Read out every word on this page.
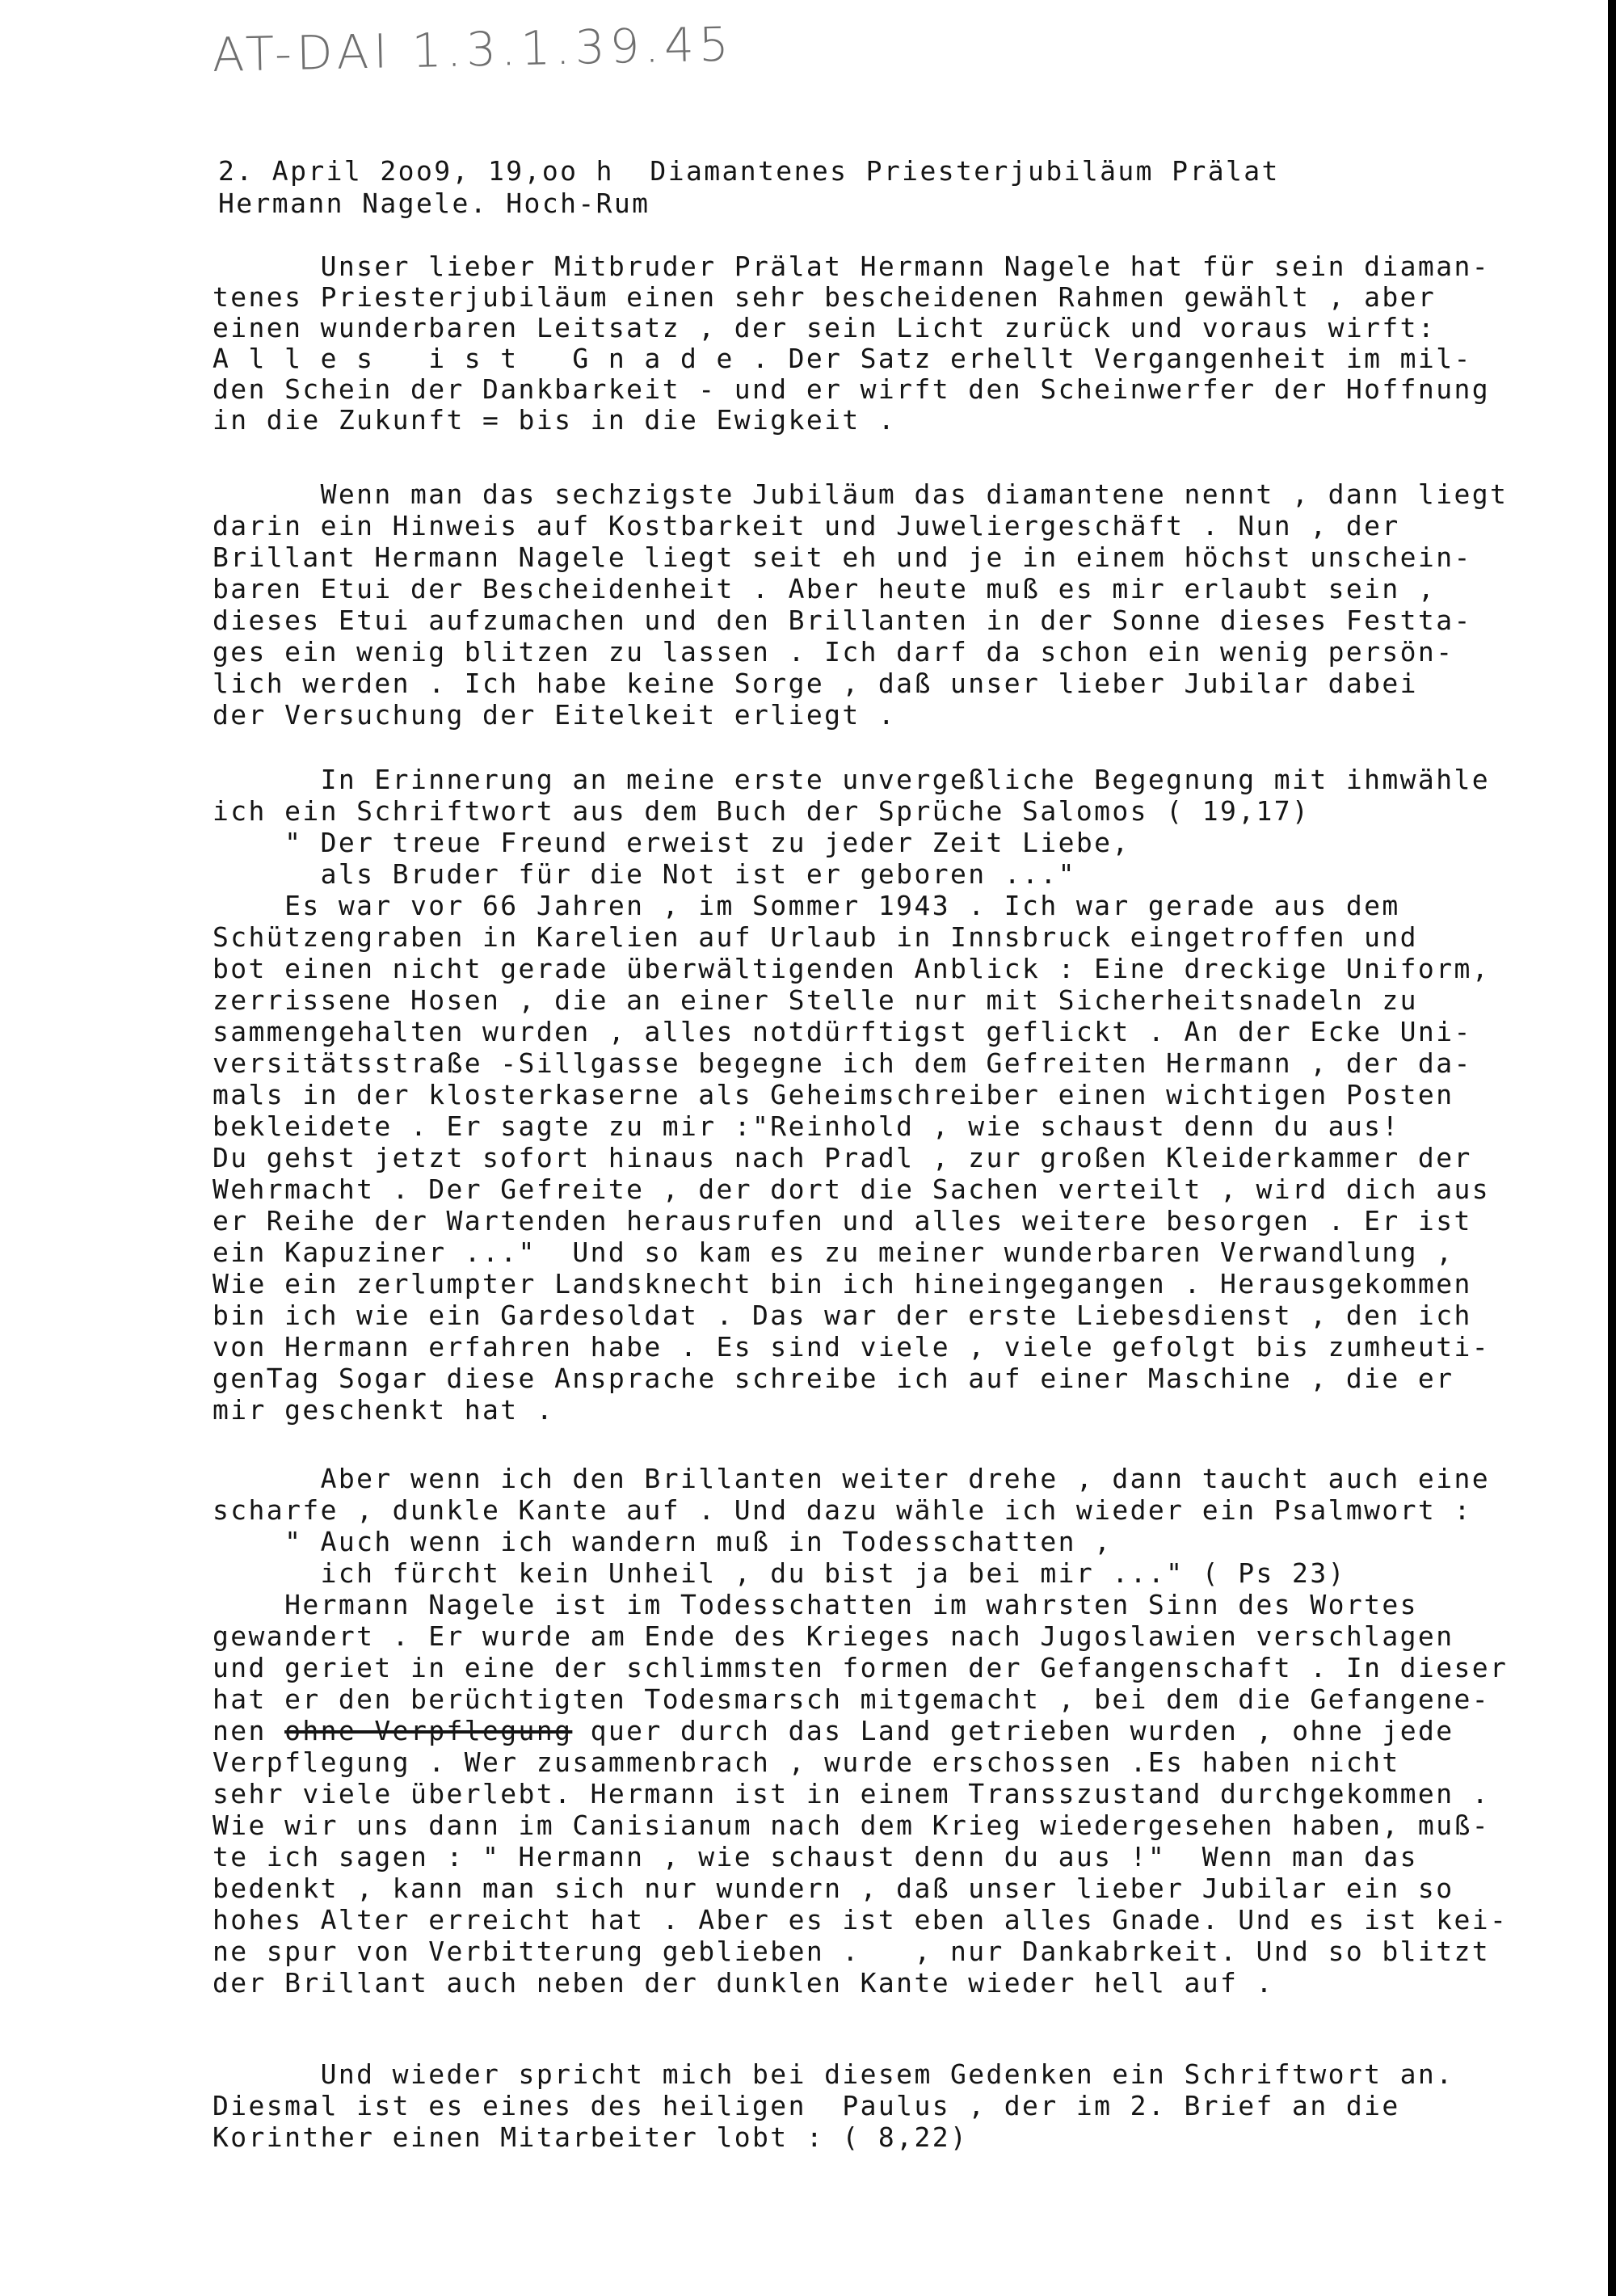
AT-DAI 1.3.1.39.45
2. April 2oo9, 19,oo h  Diamantenes Priesterjubiläum Prälat
Hermann Nagele. Hoch-Rum
Unser lieber Mitbruder Prälat Hermann Nagele hat für sein diaman-
tenes Priesterjubiläum einen sehr bescheidenen Rahmen gewählt , aber
einen wunderbaren Leitsatz , der sein Licht zurück und voraus wirft:
A l l e s   i s t   G n a d e . Der Satz erhellt Vergangenheit im mil-
den Schein der Dankbarkeit - und er wirft den Scheinwerfer der Hoffnung
in die Zukunft = bis in die Ewigkeit .
Wenn man das sechzigste Jubiläum das diamantene nennt , dann liegt
darin ein Hinweis auf Kostbarkeit und Juweliergeschäft . Nun , der
Brillant Hermann Nagele liegt seit eh und je in einem höchst unschein-
baren Etui der Bescheidenheit . Aber heute muß es mir erlaubt sein ,
dieses Etui aufzumachen und den Brillanten in der Sonne dieses Festta-
ges ein wenig blitzen zu lassen . Ich darf da schon ein wenig persön-
lich werden . Ich habe keine Sorge , daß unser lieber Jubilar dabei
der Versuchung der Eitelkeit erliegt .
In Erinnerung an meine erste unvergeßliche Begegnung mit ihmwähle
ich ein Schriftwort aus dem Buch der Sprüche Salomos ( 19,17)
" Der treue Freund erweist zu jeder Zeit Liebe,
als Bruder für die Not ist er geboren ..."
Es war vor 66 Jahren , im Sommer 1943 . Ich war gerade aus dem
Schützengraben in Karelien auf Urlaub in Innsbruck eingetroffen und
bot einen nicht gerade überwältigenden Anblick : Eine dreckige Uniform,
zerrissene Hosen , die an einer Stelle nur mit Sicherheitsnadeln zu
sammengehalten wurden , alles notdürftigst geflickt . An der Ecke Uni-
versitätsstraße -Sillgasse begegne ich dem Gefreiten Hermann , der da-
mals in der klosterkaserne als Geheimschreiber einen wichtigen Posten
bekleidete . Er sagte zu mir :"Reinhold , wie schaust denn du aus!
Du gehst jetzt sofort hinaus nach Pradl , zur großen Kleiderkammer der
Wehrmacht . Der Gefreite , der dort die Sachen verteilt , wird dich aus
er Reihe der Wartenden herausrufen und alles weitere besorgen . Er ist
ein Kapuziner ..."  Und so kam es zu meiner wunderbaren Verwandlung ,
Wie ein zerlumpter Landsknecht bin ich hineingegangen . Herausgekommen
bin ich wie ein Gardesoldat . Das war der erste Liebesdienst , den ich
von Hermann erfahren habe . Es sind viele , viele gefolgt bis zumheuti-
genTag Sogar diese Ansprache schreibe ich auf einer Maschine , die er
mir geschenkt hat .
Aber wenn ich den Brillanten weiter drehe , dann taucht auch eine
scharfe , dunkle Kante auf . Und dazu wähle ich wieder ein Psalmwort :
" Auch wenn ich wandern muß in Todesschatten ,
ich fürcht kein Unheil , du bist ja bei mir ..." ( Ps 23)
Hermann Nagele ist im Todesschatten im wahrsten Sinn des Wortes
gewandert . Er wurde am Ende des Krieges nach Jugoslawien verschlagen
und geriet in eine der schlimmsten formen der Gefangenschaft . In dieser
hat er den berüchtigten Todesmarsch mitgemacht , bei dem die Gefangene-
nen ohne Verpflegung quer durch das Land getrieben wurden , ohne jede
Verpflegung . Wer zusammenbrach , wurde erschossen .Es haben nicht
sehr viele überlebt. Hermann ist in einem Transszustand durchgekommen .
Wie wir uns dann im Canisianum nach dem Krieg wiedergesehen haben, muß-
te ich sagen : " Hermann , wie schaust denn du aus !"  Wenn man das
bedenkt , kann man sich nur wundern , daß unser lieber Jubilar ein so
hohes Alter erreicht hat . Aber es ist eben alles Gnade. Und es ist kei-
ne spur von Verbitterung geblieben .   , nur Dankabrkeit. Und so blitzt
der Brillant auch neben der dunklen Kante wieder hell auf .
Und wieder spricht mich bei diesem Gedenken ein Schriftwort an.
Diesmal ist es eines des heiligen  Paulus , der im 2. Brief an die
Korinther einen Mitarbeiter lobt : ( 8,22)
